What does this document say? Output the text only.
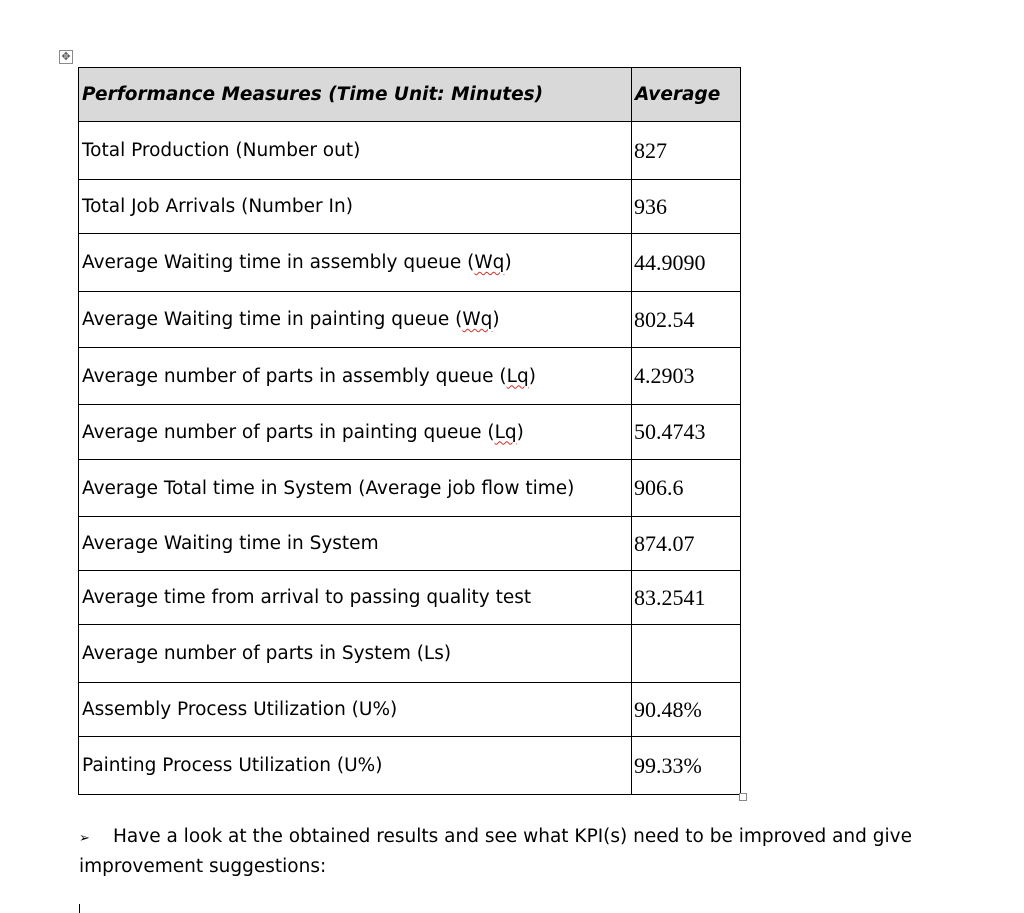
✥
Performance Measures (Time Unit: Minutes)	Average
Total Production (Number out)	827
Total Job Arrivals (Number In)	936
Average Waiting time in assembly queue (Wq)	44.9090
Average Waiting time in painting queue (Wq)	802.54
Average number of parts in assembly queue (Lq)	4.2903
Average number of parts in painting queue (Lq)	50.4743
Average Total time in System (Average job flow time)	906.6
Average Waiting time in System	874.07
Average time from arrival to passing quality test	83.2541
Average number of parts in System (Ls)	
Assembly Process Utilization (U%)	90.48%
Painting Process Utilization (U%)	99.33%
➢ Have a look at the obtained results and see what KPI(s) need to be improved and give improvement suggestions:
